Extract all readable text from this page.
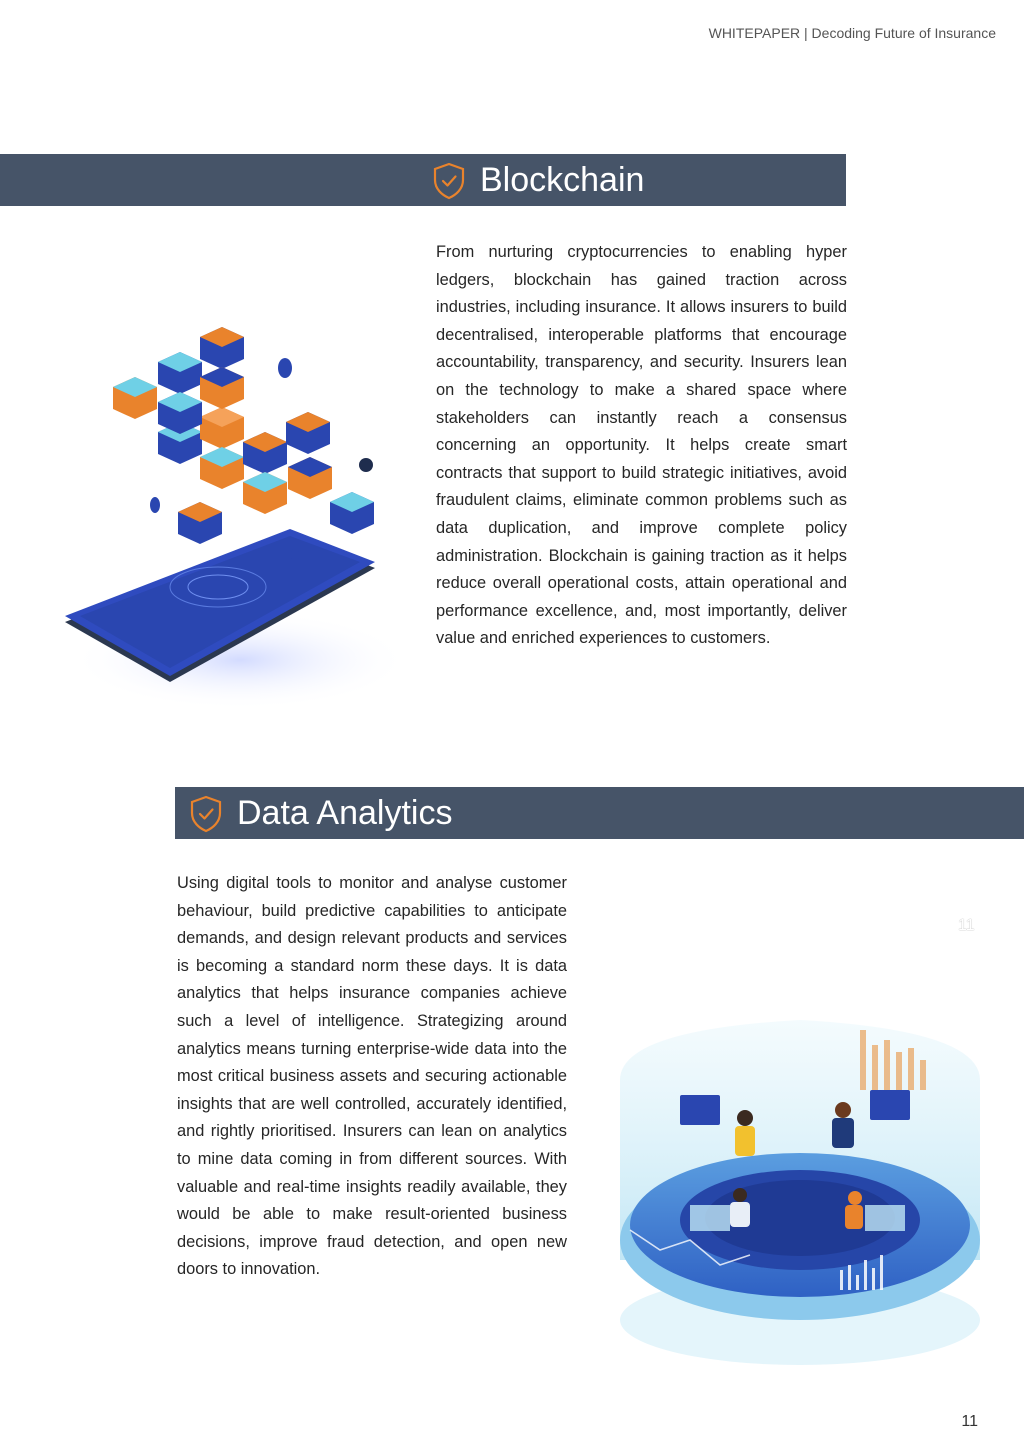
WHITEPAPER | Decoding Future of Insurance
Blockchain
From nurturing cryptocurrencies to enabling hyper ledgers, blockchain has gained traction across industries, including insurance. It allows insurers to build decentralised, interoperable platforms that encourage accountability, transparency, and security. Insurers lean on the technology to make a shared space where stakeholders can instantly reach a consensus concerning an opportunity. It helps create smart contracts that support to build strategic initiatives, avoid fraudulent claims, eliminate common problems such as data duplication, and improve complete policy administration. Blockchain is gaining traction as it helps reduce overall operational costs, attain operational and performance excellence, and, most importantly, deliver value and enriched experiences to customers.
Data Analytics
Using digital tools to monitor and analyse customer behaviour, build predictive capabilities to anticipate demands, and design relevant products and services is becoming a standard norm these days. It is data analytics that helps insurance companies achieve such a level of intelligence. Strategizing around analytics means turning enterprise-wide data into the most critical business assets and securing actionable insights that are well controlled, accurately identified, and rightly prioritised. Insurers can lean on analytics to mine data coming in from different sources. With valuable and real-time insights readily available, they would be able to make result-oriented business decisions, improve fraud detection, and open new doors to innovation.
11
11
